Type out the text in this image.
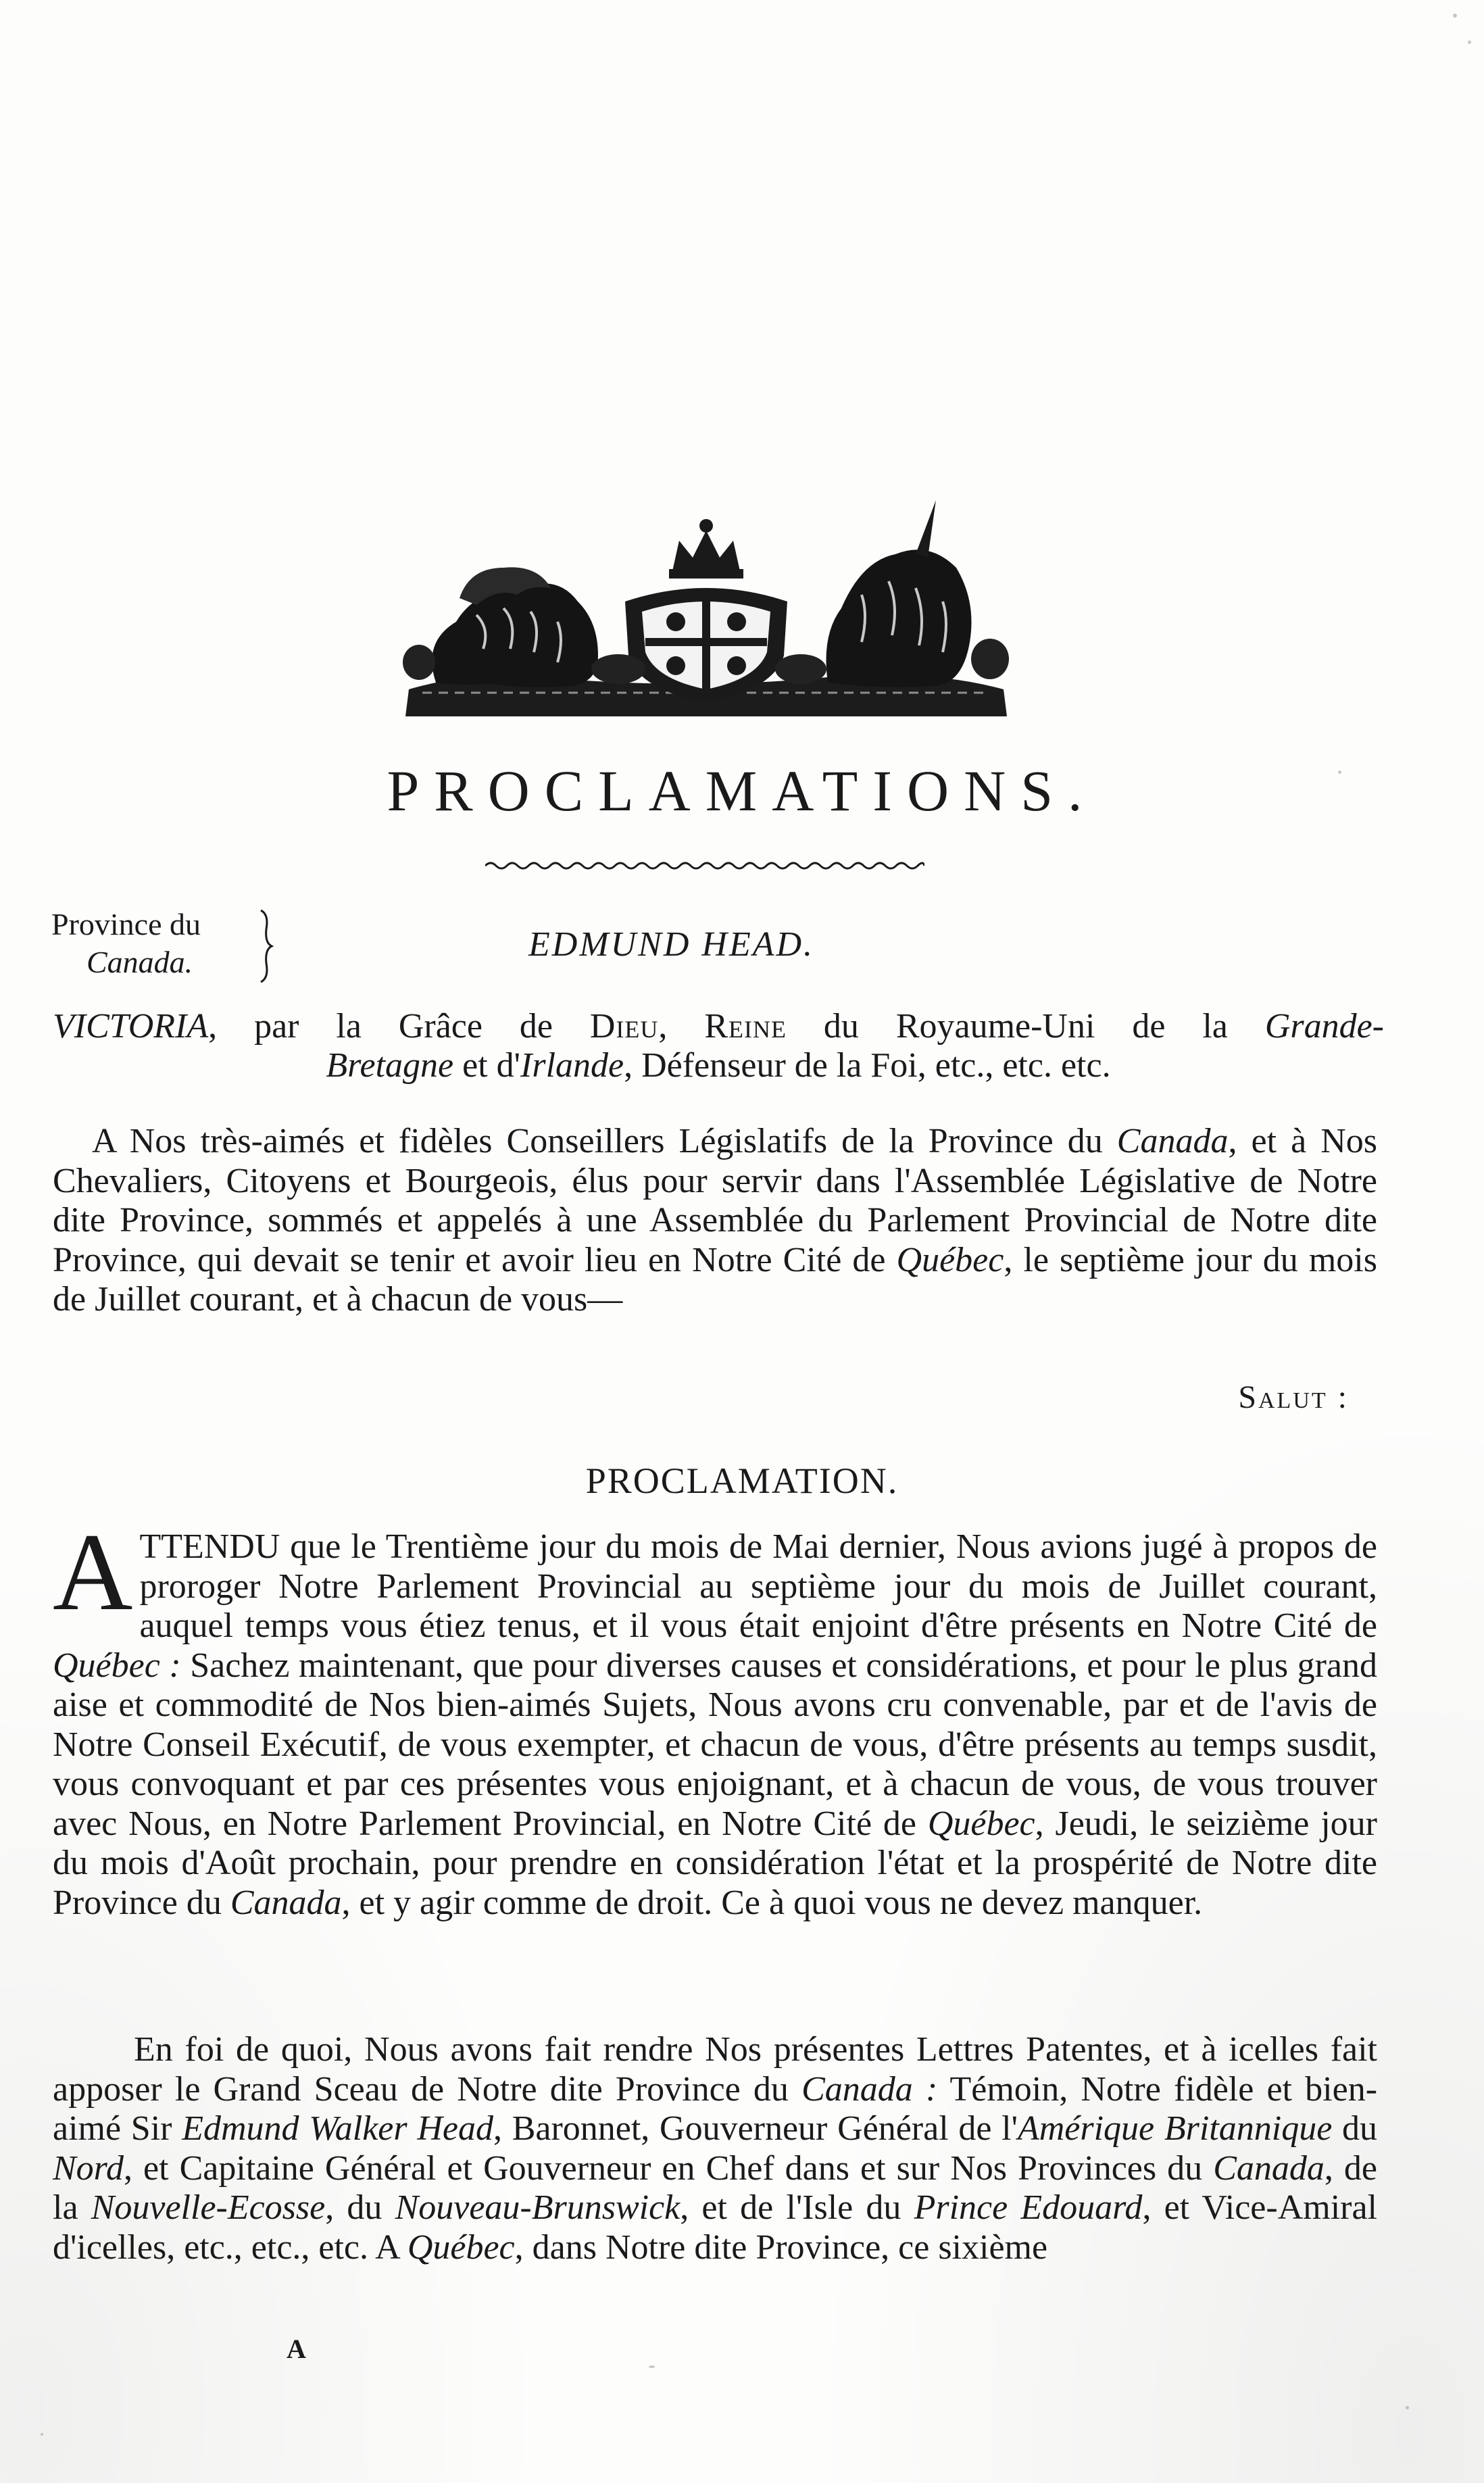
PROCLAMATIONS.
Province du
Canada.	EDMUND HEAD.
VICTORIA, par la Grâce de Dieu, Reine du Royaume-Uni de la Grande-
Bretagne et d'Irlande, Défenseur de la Foi, etc., etc. etc.
A Nos très-aimés et fidèles Conseillers Législatifs de la Province du Canada, et à Nos Chevaliers, Citoyens et Bourgeois, élus pour servir dans l'Assemblée Législative de Notre dite Province, sommés et appelés à une Assemblée du Parlement Provincial de Notre dite Province, qui devait se tenir et avoir lieu en Notre Cité de Québec, le septième jour du mois de Juillet courant, et à chacun de vous—
Salut :
PROCLAMATION.
ATTENDU que le Trentième jour du mois de Mai dernier, Nous avions jugé à propos de proroger Notre Parlement Provincial au septième jour du mois de Juillet courant, auquel temps vous étiez tenus, et il vous était enjoint d'être présents en Notre Cité de Québec : Sachez maintenant, que pour diverses causes et considérations, et pour le plus grand aise et commodité de Nos bien-aimés Sujets, Nous avons cru convenable, par et de l'avis de Notre Conseil Exécutif, de vous exempter, et chacun de vous, d'être présents au temps susdit, vous convoquant et par ces présentes vous enjoignant, et à chacun de vous, de vous trouver avec Nous, en Notre Parlement Provincial, en Notre Cité de Québec, Jeudi, le seizième jour du mois d'Août prochain, pour prendre en considération l'état et la prospérité de Notre dite Province du Canada, et y agir comme de droit. Ce à quoi vous ne devez manquer.
En foi de quoi, Nous avons fait rendre Nos présentes Lettres Patentes, et à icelles fait apposer le Grand Sceau de Notre dite Province du Canada : Témoin, Notre fidèle et bien-aimé Sir Edmund Walker Head, Baronnet, Gouverneur Général de l'Amérique Britannique du Nord, et Capitaine Général et Gouverneur en Chef dans et sur Nos Provinces du Canada, de la Nouvelle-Ecosse, du Nouveau-Brunswick, et de l'Isle du Prince Edouard, et Vice-Amiral d'icelles, etc., etc., etc. A Québec, dans Notre dite Province, ce sixième
A
